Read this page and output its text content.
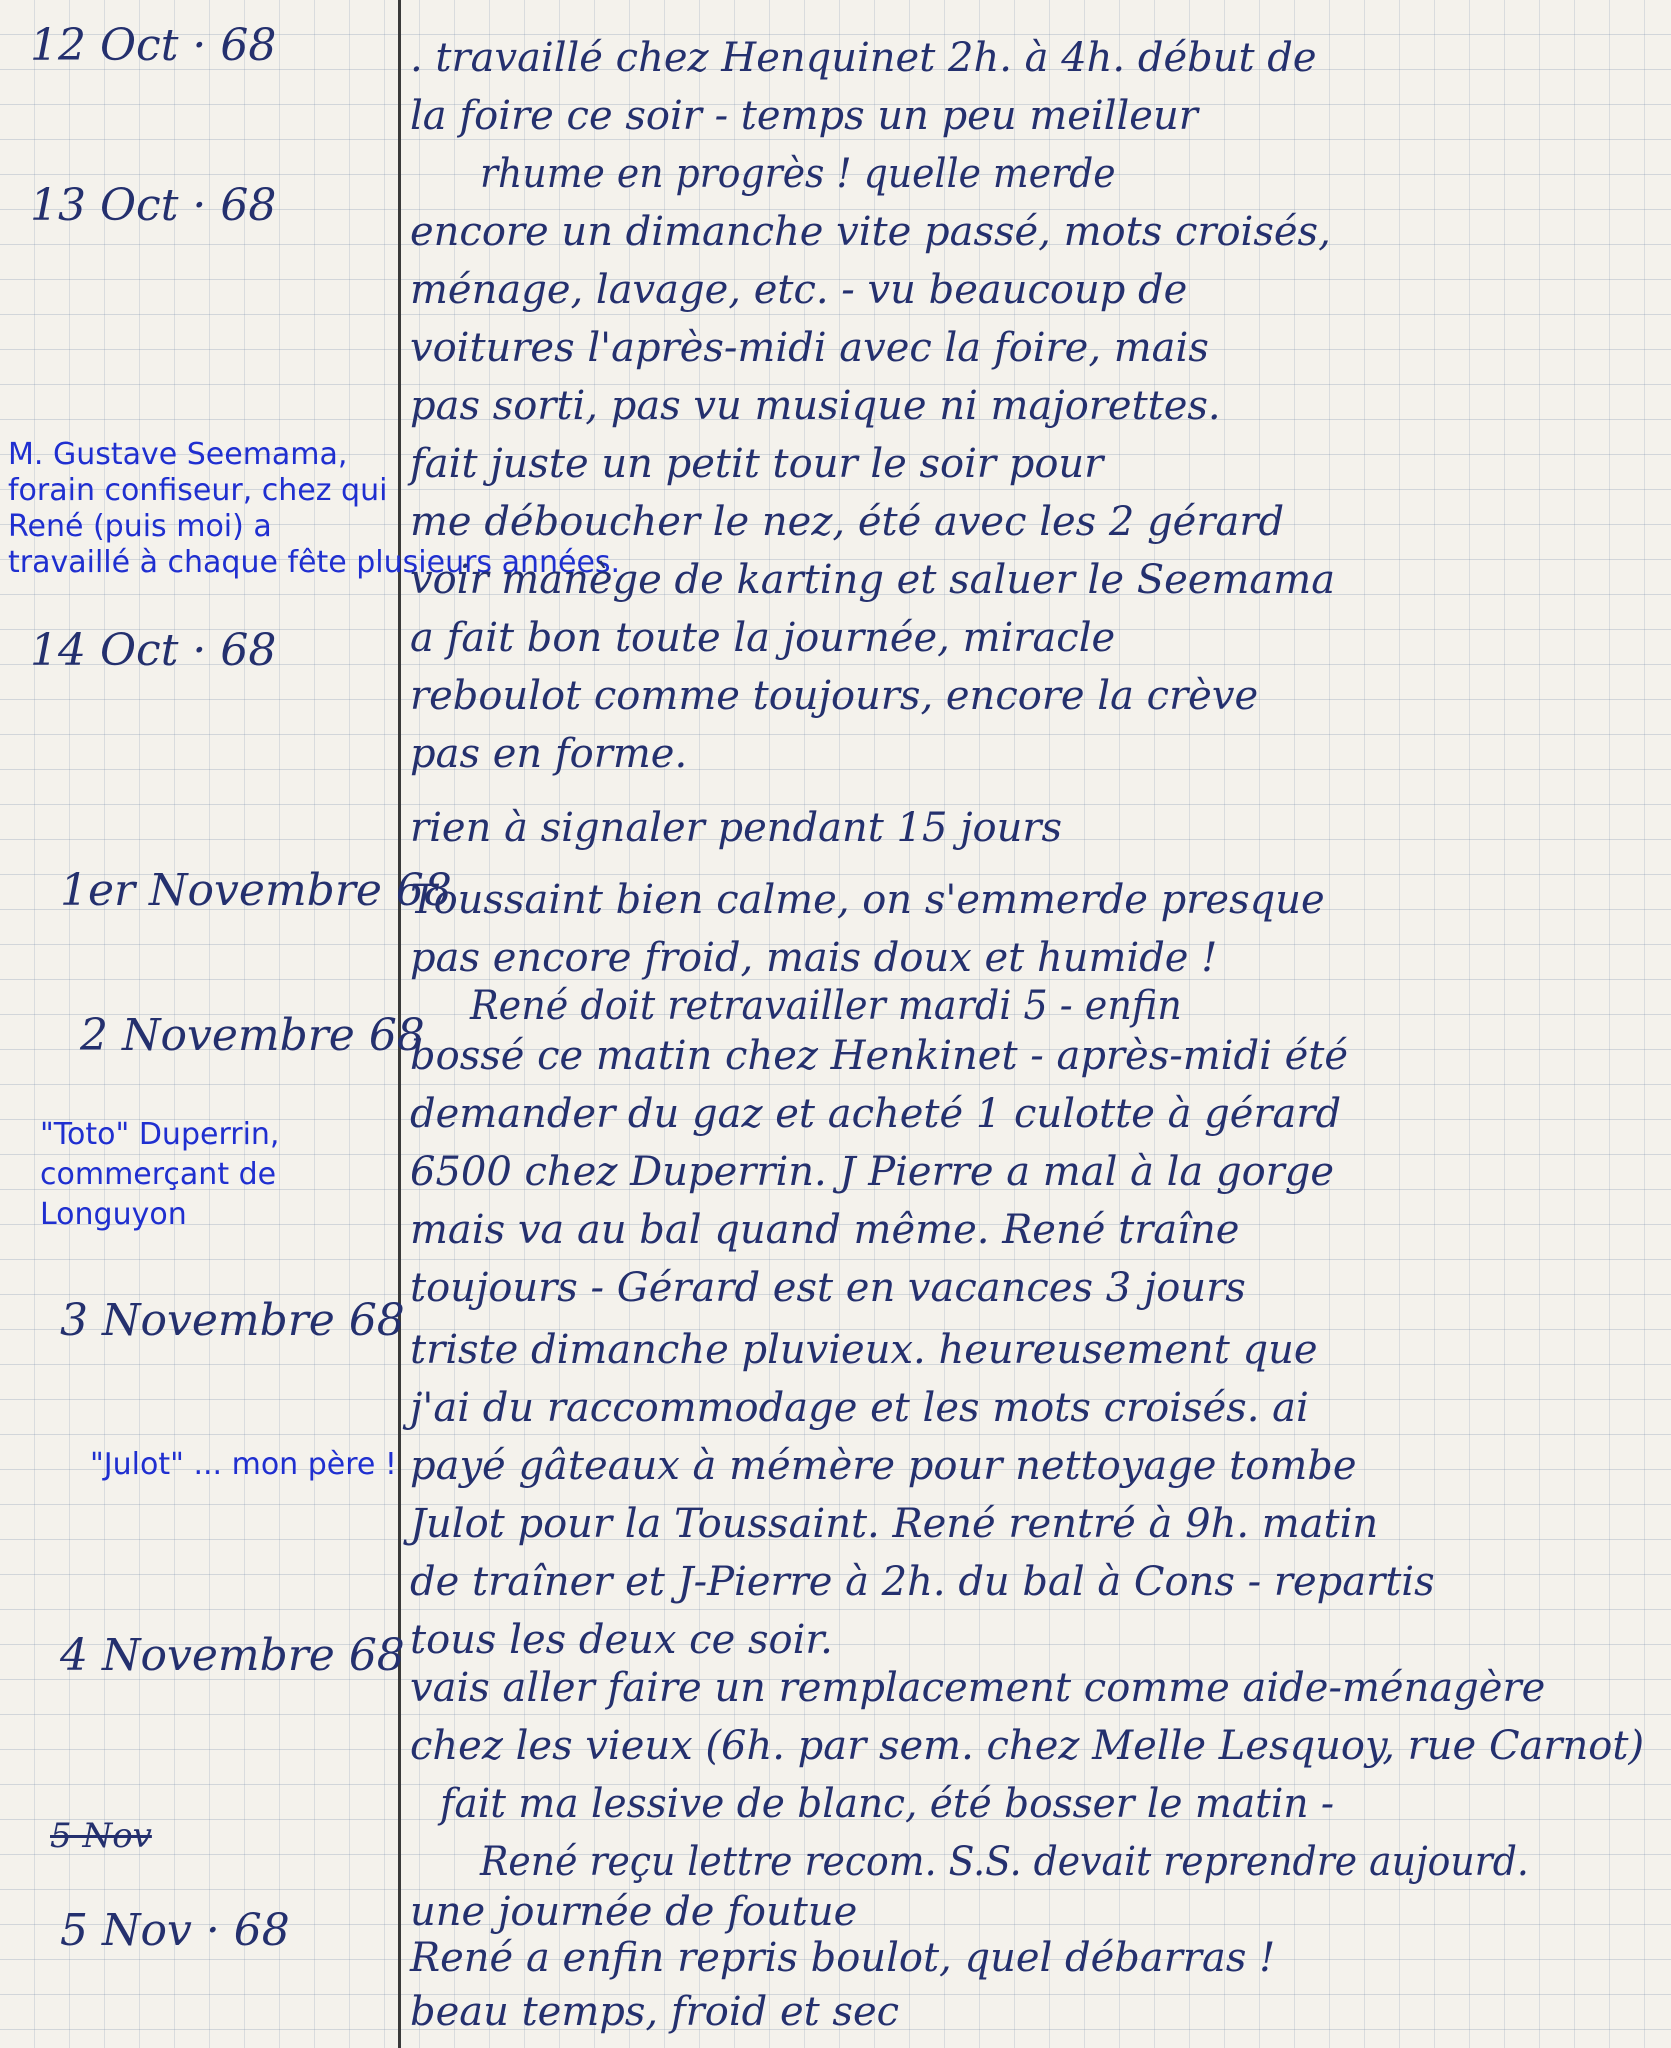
12 Oct · 68
13 Oct · 68
14 Oct · 68
1er Novembre 68
2 Novembre 68
3 Novembre 68
4 Novembre 68
5 Nov
5 Nov · 68
M. Gustave Seemama,
forain confiseur, chez qui
René (puis moi) a
travaillé à chaque fête plusieurs années.
"Toto" Duperrin,
commerçant de
Longuyon
"Julot" ... mon père !
. travaillé chez Henquinet 2h. à 4h. début de
la foire ce soir - temps un peu meilleur
rhume en progrès ! quelle merde
encore un dimanche vite passé, mots croisés,
ménage, lavage, etc. - vu beaucoup de
voitures l'après-midi avec la foire, mais
pas sorti, pas vu musique ni majorettes.
fait juste un petit tour le soir pour
me déboucher le nez, été avec les 2 gérard
voir manège de karting et saluer le Seemama
a fait bon toute la journée, miracle
reboulot comme toujours, encore la crève
pas en forme.
rien à signaler pendant 15 jours
Toussaint bien calme, on s'emmerde presque
pas encore froid, mais doux et humide !
René doit retravailler mardi 5 - enfin
bossé ce matin chez Henkinet - après-midi été
demander du gaz et acheté 1 culotte à gérard
6500 chez Duperrin. J Pierre a mal à la gorge
mais va au bal quand même. René traîne
toujours - Gérard est en vacances 3 jours
triste dimanche pluvieux. heureusement que
j'ai du raccommodage et les mots croisés. ai
payé gâteaux à mémère pour nettoyage tombe
Julot pour la Toussaint. René rentré à 9h. matin
de traîner et J-Pierre à 2h. du bal à Cons - repartis
tous les deux ce soir.
vais aller faire un remplacement comme aide-ménagère
chez les vieux (6h. par sem. chez Melle Lesquoy, rue Carnot)
fait ma lessive de blanc, été bosser le matin -
René reçu lettre recom. S.S. devait reprendre aujourd.
une journée de foutue
René a enfin repris boulot, quel débarras !
beau temps, froid et sec
